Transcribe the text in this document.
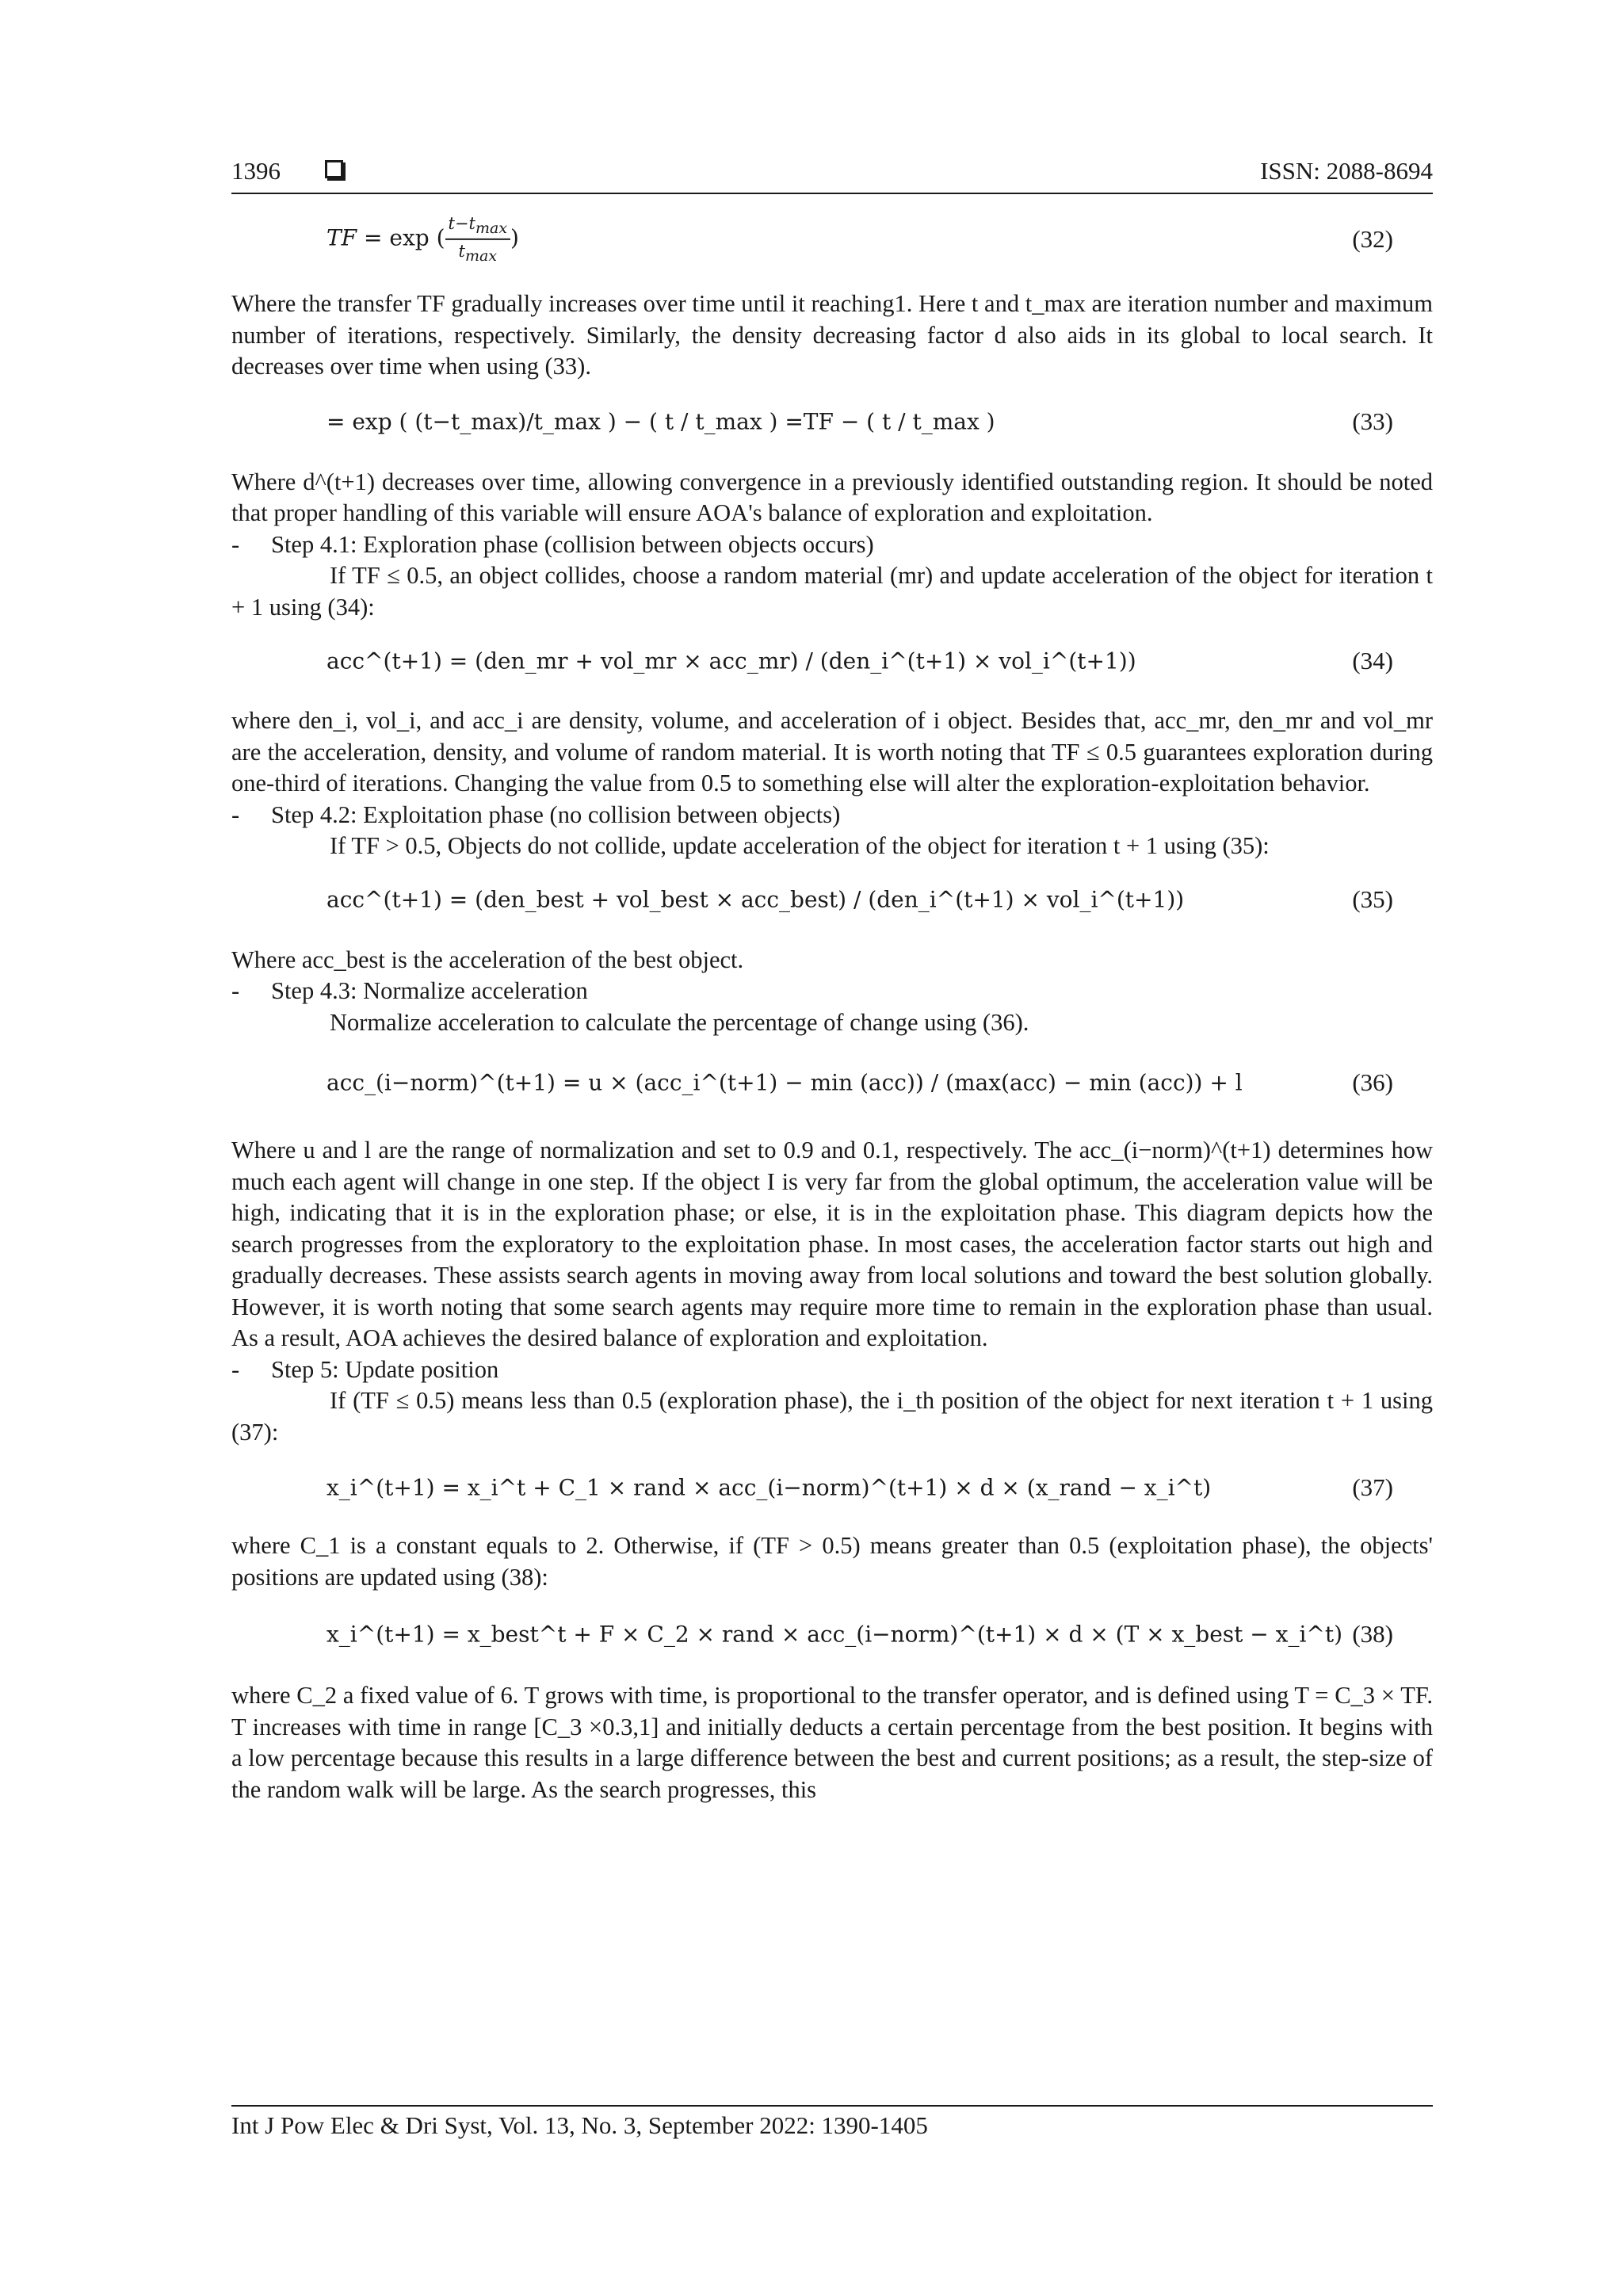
1396	ISSN: 2088-8694
TF = exp ( $\frac{t-t_{max}}{t_{max}}$ )	(32)

Where the transfer TF gradually increases over time until it reaching1. Here t and t_max are iteration number and maximum number of iterations, respectively. Similarly, the density decreasing factor d also aids in its global to local search. It decreases over time when using (33).

= exp ( (t−t_max)/t_max ) − ( t / t_max ) =TF − ( t / t_max )	(33)

Where d^(t+1) decreases over time, allowing convergence in a previously identified outstanding region. It should be noted that proper handling of this variable will ensure AOA's balance of exploration and exploitation.

-	Step 4.1: Exploration phase (collision between objects occurs)

If TF ≤ 0.5, an object collides, choose a random material (mr) and update acceleration of the object for iteration t + 1 using (34):

acc^(t+1) = (den_mr + vol_mr × acc_mr) / (den_i^(t+1) × vol_i^(t+1))	(34)

where den_i, vol_i, and acc_i are density, volume, and acceleration of i object. Besides that, acc_mr, den_mr and vol_mr are the acceleration, density, and volume of random material. It is worth noting that TF ≤ 0.5 guarantees exploration during one-third of iterations. Changing the value from 0.5 to something else will alter the exploration-exploitation behavior.

-	Step 4.2: Exploitation phase (no collision between objects)

If TF > 0.5, Objects do not collide, update acceleration of the object for iteration t + 1 using (35):

acc^(t+1) = (den_best + vol_best × acc_best) / (den_i^(t+1) × vol_i^(t+1))	(35)

Where acc_best is the acceleration of the best object.

-	Step 4.3: Normalize acceleration

Normalize acceleration to calculate the percentage of change using (36).

acc_(i−norm)^(t+1) = u × (acc_i^(t+1) − min (acc)) / (max(acc) − min (acc)) + l	(36)

Where u and l are the range of normalization and set to 0.9 and 0.1, respectively. The acc_(i−norm)^(t+1) determines how much each agent will change in one step. If the object I is very far from the global optimum, the acceleration value will be high, indicating that it is in the exploration phase; or else, it is in the exploitation phase. This diagram depicts how the search progresses from the exploratory to the exploitation phase. In most cases, the acceleration factor starts out high and gradually decreases. These assists search agents in moving away from local solutions and toward the best solution globally. However, it is worth noting that some search agents may require more time to remain in the exploration phase than usual. As a result, AOA achieves the desired balance of exploration and exploitation.

-	Step 5: Update position

If (TF ≤ 0.5) means less than 0.5 (exploration phase), the i_th position of the object for next iteration t + 1 using (37):

x_i^(t+1) = x_i^t + C_1 × rand × acc_(i−norm)^(t+1) × d × (x_rand − x_i^t)	(37)

where C_1 is a constant equals to 2. Otherwise, if (TF > 0.5) means greater than 0.5 (exploitation phase), the objects' positions are updated using (38):

x_i^(t+1) = x_best^t + F × C_2 × rand × acc_(i−norm)^(t+1) × d × (T × x_best − x_i^t) (38)

where C_2 a fixed value of 6. T grows with time, is proportional to the transfer operator, and is defined using T = C_3 × TF. T increases with time in range [C_3 ×0.3,1] and initially deducts a certain percentage from the best position. It begins with a low percentage because this results in a large difference between the best and current positions; as a result, the step-size of the random walk will be large. As the search progresses, this

Int J Pow Elec & Dri Syst, Vol. 13, No. 3, September 2022: 1390-1405
